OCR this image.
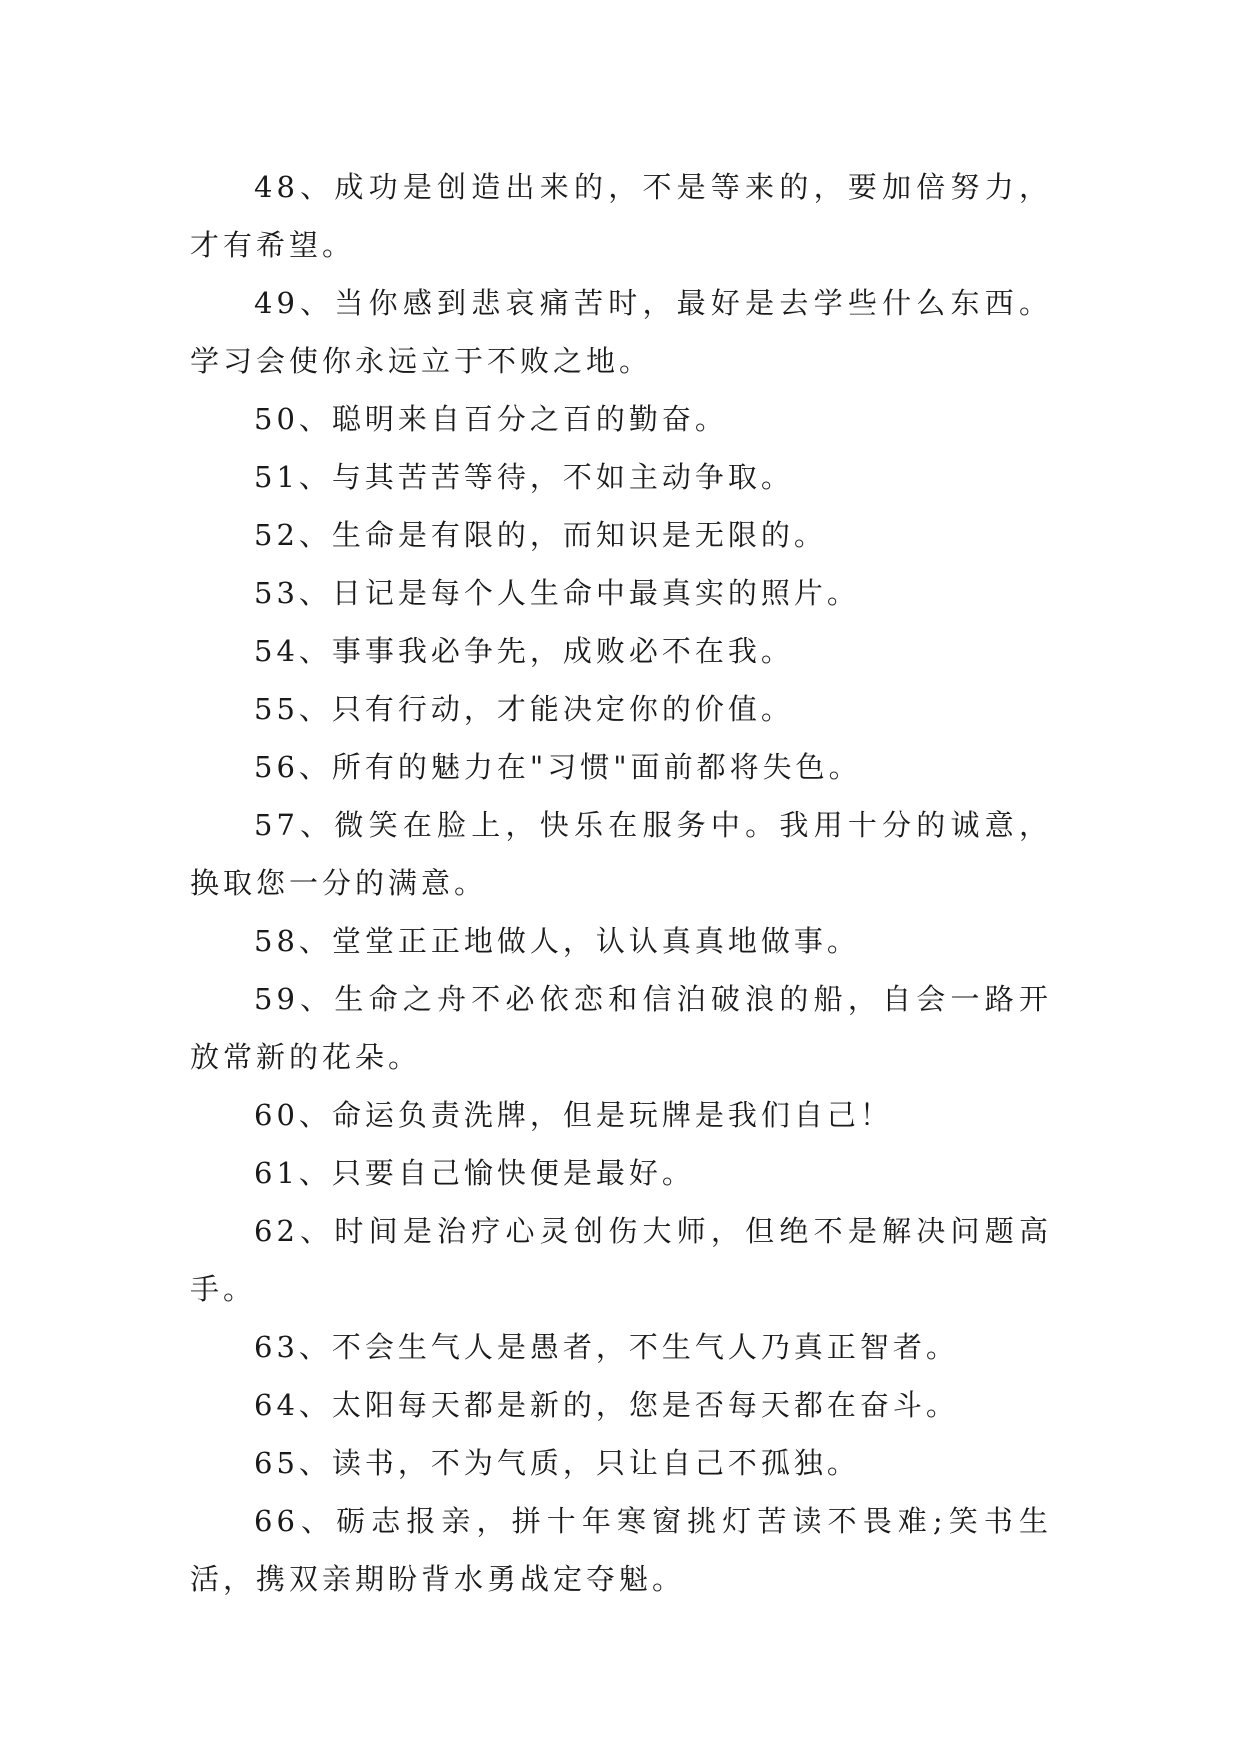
48、成功是创造出来的，不是等来的，要加倍努力，才有希望。

49、当你感到悲哀痛苦时，最好是去学些什么东西。学习会使你永远立于不败之地。

50、聪明来自百分之百的勤奋。

51、与其苦苦等待，不如主动争取。

52、生命是有限的，而知识是无限的。

53、日记是每个人生命中最真实的照片。

54、事事我必争先，成败必不在我。

55、只有行动，才能决定你的价值。

56、所有的魅力在"习惯"面前都将失色。

57、微笑在脸上，快乐在服务中。我用十分的诚意，换取您一分的满意。

58、堂堂正正地做人，认认真真地做事。

59、生命之舟不必依恋和信泊破浪的船，自会一路开放常新的花朵。

60、命运负责洗牌，但是玩牌是我们自己！

61、只要自己愉快便是最好。

62、时间是治疗心灵创伤大师，但绝不是解决问题高手。

63、不会生气人是愚者，不生气人乃真正智者。

64、太阳每天都是新的，您是否每天都在奋斗。

65、读书，不为气质，只让自己不孤独。

66、砺志报亲，拼十年寒窗挑灯苦读不畏难;笑书生活，携双亲期盼背水勇战定夺魁。
